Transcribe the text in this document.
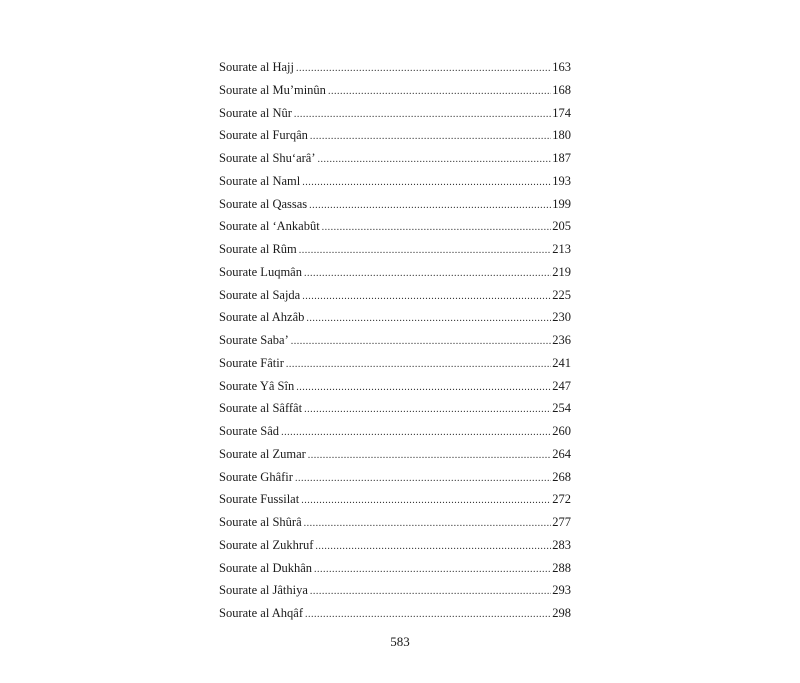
Sourate al Hajj .....	163
Sourate al Mu’minûn .....	168
Sourate al Nûr .....	174
Sourate al Furqân .....	180
Sourate al Shu‘arâ’ .....	187
Sourate al Naml .....	193
Sourate al Qassas .....	199
Sourate al ‘Ankabût .....	205
Sourate al Rûm .....	213
Sourate Luqmân .....	219
Sourate al Sajda .....	225
Sourate al Ahzâb .....	230
Sourate Saba’ .....	236
Sourate Fâtir .....	241
Sourate Yâ Sîn .....	247
Sourate al Sâffât .....	254
Sourate Sâd .....	260
Sourate al Zumar .....	264
Sourate Ghâfir .....	268
Sourate Fussilat .....	272
Sourate al Shûrâ .....	277
Sourate al Zukhruf .....	283
Sourate al Dukhân .....	288
Sourate al Jâthiya .....	293
Sourate al Ahqâf .....	298
583
